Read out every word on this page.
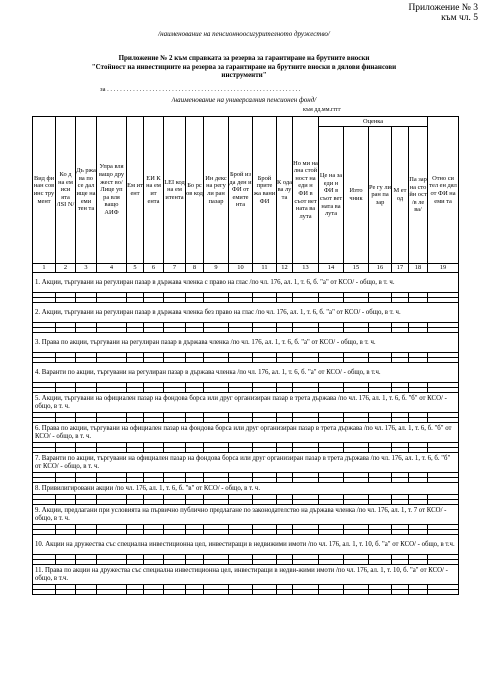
Приложение № 3
към чл. 5
/наименование на пенсионноосигурителното дружество/
Приложение № 2 към справката за резерва за гарантиране на брутните вноски
"Стойност на инвестициите на резерва за гарантиране на брутните вноски в дялови финансови
инструменти"
за . . . . . . . . . . . . . . . . . . . . . . . . . . . . . . . . . . . . . . . . . . . . . . . . . . . . . . . . . . . .
/наименование на универсалния пенсионен фонд/
към дд.мм.гггг
Вид фи нан сов инс тру мент	Ко д на ем иси ята /ISI N/	Дъ ржа ва по се дал ище на еми тен та	Упра вля ващо дру жест во/ Лице уп ра вля ващо АИФ	Ем ит ент	ЕИ К на ем ит ента	LEI код на ем итента	Бо рс ов код	Ин декс на регу ли ран пазар	Брой из да ден и ФИ от емите нта	Брой прите жа вани ФИ	К ода ва лу та	Но ми на лна стой ност на еди н ФИ в съот вет ната ва лута	Оценка					Отно си тел ен дял от ФИ на еми та
													Це на за еди н ФИ в съот вет ната ва лута	Изто чник	Ре гу ли ран па зар	М ет од	Па зар на сто йн ост /в ле ва/	
1	2	3	4	5	6	7	8	9	10	11	12	13	14	15	16	17	18	19
1. Акции, търгувани на регулиран пазар в държава членка с право на глас /по чл. 176, ал. 1, т. 6, б. "а" от КСО/ - общо, в т. ч.																		

2. Акции, търгувани на регулиран пазар в държава членка без право на глас /по чл. 176, ал. 1, т. 6, б. "а" от КСО/ - общо, в т. ч.																		

3. Права по акции, търгувани на регулиран пазар в държава членка /по чл. 176, ал. 1, т. 6, б. "а" от КСО/ - общо, в т. ч.																		

4. Варанти по акции, търгувани на регулиран пазар в държава членка /по чл. 176, ал. 1, т. 6, б. "а" от КСО/ - общо, в т.ч.																		

5. Акции, търгувани на официален пазар на фондова борса или друг организиран пазар в трета държава /по чл. 176, ал. 1, т. 6, б. "б" от КСО/ - общо, в т. ч.																		

6. Права по акции, търгувани на официален пазар на фондова борса или друг организиран пазар в трета държава /по чл. 176, ал. 1, т. 6, б. "б" от КСО/ - общо, в т. ч.																		

7. Варанти по акции, търгувани на официален пазар на фондова борса или друг организиран пазар в трета държава /по чл. 176, ал. 1, т. 6, б. "б" от КСО/ - общо, в т. ч.																		

8. Привилигировани акции /по чл. 176, ал. 1, т. 6, б. "в" от КСО/ - общо, в т. ч.																		

9. Акции, предлагани при условията на първично публично предлагане по законодателство на държава членка /по чл. 176, ал. 1, т. 7 от КСО/ - общо, в т. ч.																		

10. Акции на дружества със специална инвестиционна цел, инвестиращи в недвижими имоти /по чл. 176, ал. 1, т. 10, б. "а" от КСО/ - общо, в т.ч.																		

11. Права по акции на дружества със специална инвестиционна цел, инвестиращи в недви-жими имоти /по чл. 176, ал. 1, т. 10, б. "а" от КСО/ - общо, в т.ч.																		
